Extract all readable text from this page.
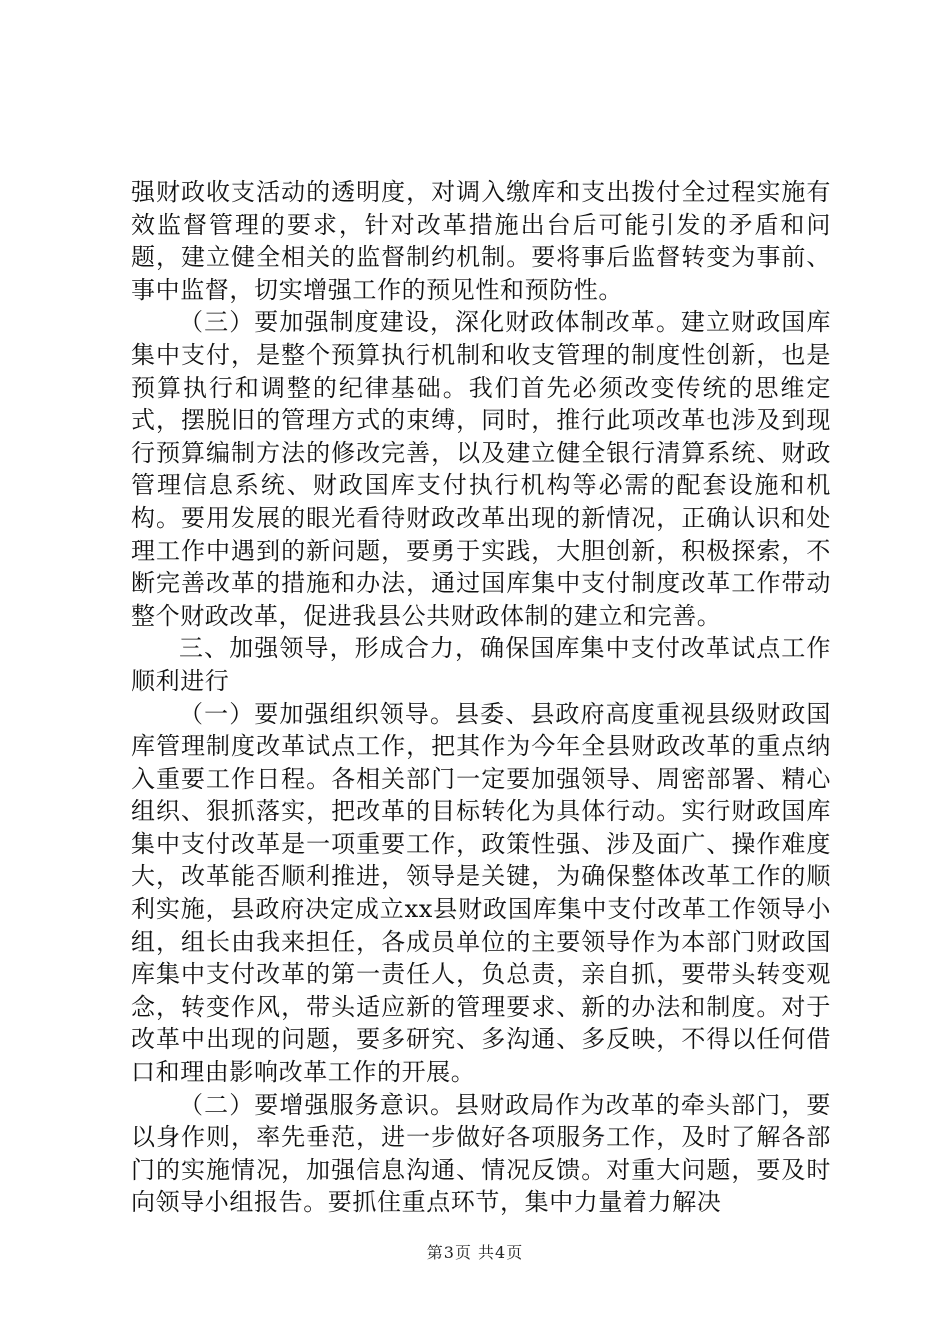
强财政收支活动的透明度，对调入缴库和支出拨付全过程实施有效监督管理的要求，针对改革措施出台后可能引发的矛盾和问题，建立健全相关的监督制约机制。要将事后监督转变为事前、事中监督，切实增强工作的预见性和预防性。

（三）要加强制度建设，深化财政体制改革。建立财政国库集中支付，是整个预算执行机制和收支管理的制度性创新，也是预算执行和调整的纪律基础。我们首先必须改变传统的思维定式，摆脱旧的管理方式的束缚，同时，推行此项改革也涉及到现行预算编制方法的修改完善，以及建立健全银行清算系统、财政管理信息系统、财政国库支付执行机构等必需的配套设施和机构。要用发展的眼光看待财政改革出现的新情况，正确认识和处理工作中遇到的新问题，要勇于实践，大胆创新，积极探索，不断完善改革的措施和办法，通过国库集中支付制度改革工作带动整个财政改革，促进我县公共财政体制的建立和完善。

三、加强领导，形成合力，确保国库集中支付改革试点工作顺利进行

（一）要加强组织领导。县委、县政府高度重视县级财政国库管理制度改革试点工作，把其作为今年全县财政改革的重点纳入重要工作日程。各相关部门一定要加强领导、周密部署、精心组织、狠抓落实，把改革的目标转化为具体行动。实行财政国库集中支付改革是一项重要工作，政策性强、涉及面广、操作难度大，改革能否顺利推进，领导是关键，为确保整体改革工作的顺利实施，县政府决定成立xx县财政国库集中支付改革工作领导小组，组长由我来担任，各成员单位的主要领导作为本部门财政国库集中支付改革的第一责任人，负总责，亲自抓，要带头转变观念，转变作风，带头适应新的管理要求、新的办法和制度。对于改革中出现的问题，要多研究、多沟通、多反映，不得以任何借口和理由影响改革工作的开展。

（二）要增强服务意识。县财政局作为改革的牵头部门，要以身作则，率先垂范，进一步做好各项服务工作，及时了解各部门的实施情况，加强信息沟通、情况反馈。对重大问题，要及时向领导小组报告。要抓住重点环节，集中力量着力解决

第3页 共4页
